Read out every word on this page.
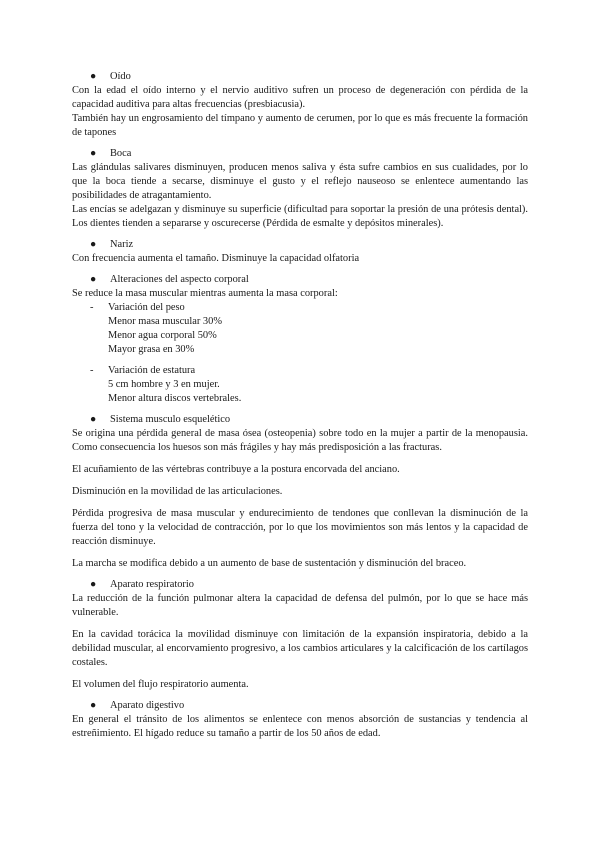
● Oído

Con la edad el oído interno y el nervio auditivo sufren un proceso de degeneración con pérdida de la capacidad auditiva para altas frecuencias (presbiacusia).

También hay un engrosamiento del tímpano y aumento de cerumen, por lo que es más frecuente la formación de tapones

● Boca

Las glándulas salivares disminuyen, producen menos saliva y ésta sufre cambios en sus cualidades, por lo que la boca tiende a secarse, disminuye el gusto y el reflejo nauseoso se enlentece aumentando las posibilidades de atragantamiento.

Las encías se adelgazan y disminuye su superficie (dificultad para soportar la presión de una prótesis dental). Los dientes tienden a separarse y oscurecerse (Pérdida de esmalte y depósitos minerales).

● Nariz

Con frecuencia aumenta el tamaño. Disminuye la capacidad olfatoria

● Alteraciones del aspecto corporal

Se reduce la masa muscular mientras aumenta la masa corporal:

- Variación del peso
Menor masa muscular 30%
Menor agua corporal 50%
Mayor grasa en 30%
- Variación de estatura
5 cm hombre y 3 en mujer.
Menor altura discos vertebrales.

● Sistema musculo esquelético

Se origina una pérdida general de masa ósea (osteopenia) sobre todo en la mujer a partir de la menopausia. Como consecuencia los huesos son más frágiles y hay más predisposición a las fracturas.

El acuñamiento de las vértebras contribuye a la postura encorvada del anciano.

Disminución en la movilidad de las articulaciones.

Pérdida progresiva de masa muscular y endurecimiento de tendones que conllevan la disminución de la fuerza del tono y la velocidad de contracción, por lo que los movimientos son más lentos y la capacidad de reacción disminuye.

La marcha se modifica debido a un aumento de base de sustentación y disminución del braceo.

● Aparato respiratorio

La reducción de la función pulmonar altera la capacidad de defensa del pulmón, por lo que se hace más vulnerable.

En la cavidad torácica la movilidad disminuye con limitación de la expansión inspiratoria, debido a la debilidad muscular, al encorvamiento progresivo, a los cambios articulares y la calcificación de los cartílagos costales.

El volumen del flujo respiratorio aumenta.

● Aparato digestivo

En general el tránsito de los alimentos se enlentece con menos absorción de sustancias y tendencia al estreñimiento. El hígado reduce su tamaño a partir de los 50 años de edad.
